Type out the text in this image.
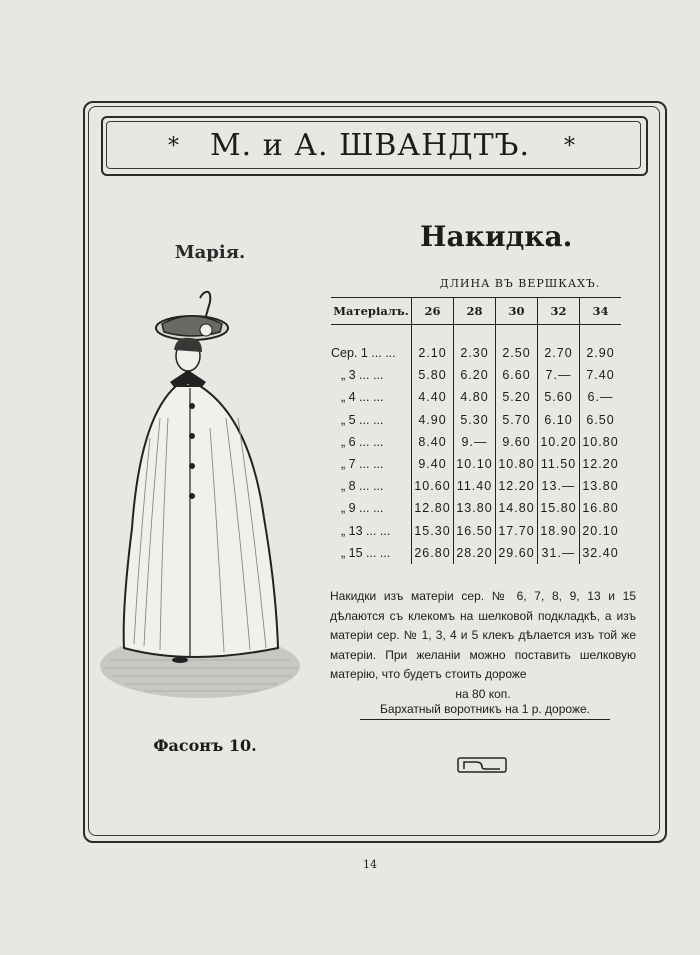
*	*
М. и А. ШВАНДТЪ.
Накидка.
Марія.
Фасонъ 10.
ДЛИНА ВЪ ВЕРШКАХЪ.
Матеріалъ.	26	28	30	32	34

Сер. 1 ... ...	2.10	2.30	2.50	2.70	2.90
„ 3 ... ...	5.80	6.20	6.60	7.—	7.40
„ 4 ... ...	4.40	4.80	5.20	5.60	6.—
„ 5 ... ...	4.90	5.30	5.70	6.10	6.50
„ 6 ... ...	8.40	9.—	9.60	10.20	10.80
„ 7 ... ...	9.40	10.10	10.80	11.50	12.20
„ 8 ... ...	10.60	11.40	12.20	13.—	13.80
„ 9 ... ...	12.80	13.80	14.80	15.80	16.80
„ 13 ... ...	15.30	16.50	17.70	18.90	20.10
„ 15 ... ...	26.80	28.20	29.60	31.—	32.40
Накидки изъ матеріи сер. № 6, 7, 8, 9, 13 и 15 дѣлаются съ клекомъ на шелковой подкладкѣ, а изъ матеріи сер. № 1, 3, 4 и 5 клекъ дѣлается изъ той же матеріи. При желаніи можно поставить шелковую матерію, что будетъ стоить дороже
на 80 коп.
Бархатный воротникъ на 1 р. дороже.
14
